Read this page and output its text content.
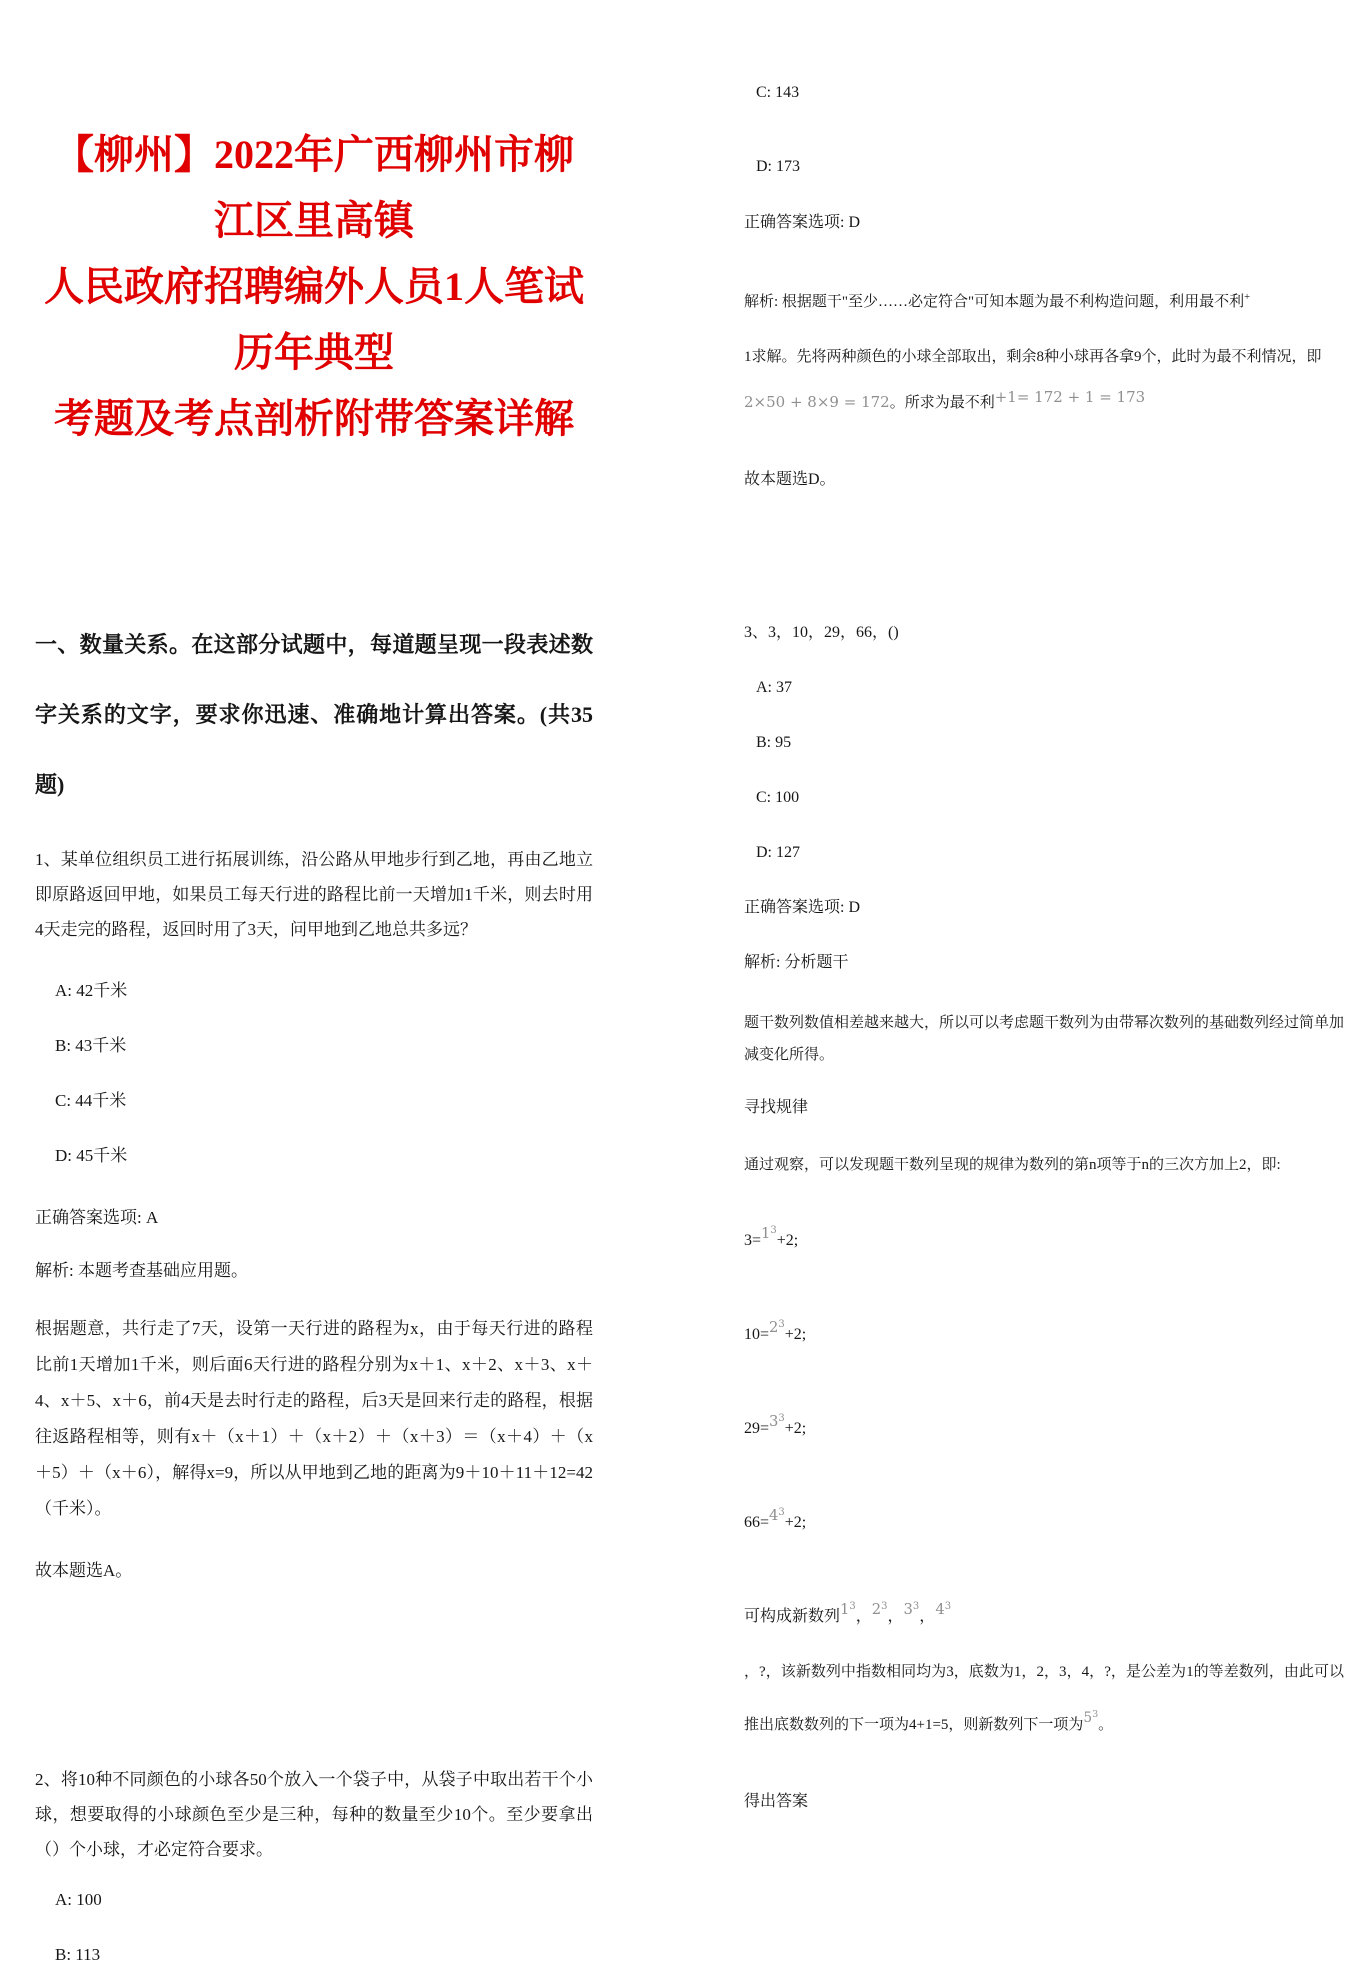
【柳州】2022年广西柳州市柳江区里高镇

人民政府招聘编外人员1人笔试历年典型

考题及考点剖析附带答案详解

一、数量关系。在这部分试题中，每道题呈现一段表述数字关系的文字，要求你迅速、准确地计算出答案。(共35题)

1、某单位组织员工进行拓展训练，沿公路从甲地步行到乙地，再由乙地立即原路返回甲地，如果员工每天行进的路程比前一天增加1千米，则去时用4天走完的路程，返回时用了3天，问甲地到乙地总共多远？

A: 42千米

B: 43千米

C: 44千米

D: 45千米

正确答案选项: A

解析: 本题考查基础应用题。

根据题意，共行走了7天，设第一天行进的路程为x，由于每天行进的路程比前1天增加1千米，则后面6天行进的路程分别为x＋1、x＋2、x＋3、x＋4、x＋5、x＋6，前4天是去时行走的路程，后3天是回来行走的路程，根据往返路程相等，则有x＋（x＋1）＋（x＋2）＋（x＋3）＝（x＋4）＋（x＋5）＋（x＋6），解得x=9，所以从甲地到乙地的距离为9＋10＋11＋12=42（千米）。

故本题选A。

2、将10种不同颜色的小球各50个放入一个袋子中，从袋子中取出若干个小球，想要取得的小球颜色至少是三种，每种的数量至少10个。至少要拿出（）个小球，才必定符合要求。

A: 100

B: 113

C: 143

D: 173

正确答案选项: D

解析: 根据题干"至少……必定符合"可知本题为最不利构造问题，利用最不利+

1求解。先将两种颜色的小球全部取出，剩余8种小球再各拿9个，此时为最不利情况，即

2×50 + 8×9 = 172。所求为最不利+1= 172 + 1 = 173

故本题选D。

3、3，10，29，66，()

A: 37

B: 95

C: 100

D: 127

正确答案选项: D

解析: 分析题干

题干数列数值相差越来越大，所以可以考虑题干数列为由带幂次数列的基础数列经过简单加减变化所得。

寻找规律

通过观察，可以发现题干数列呈现的规律为数列的第n项等于n的三次方加上2，即:

$3=1^3+2$;

$10=2^3+2$;

$29=3^3+2$;

$66=4^3+2$;

可构成新数列$1^3$，$2^3$，$3^3$，$4^3$

，?，该新数列中指数相同均为3，底数为1，2，3，4，?，是公差为1的等差数列，由此可以推出底数数列的下一项为4+1=5，则新数列下一项为$5^3$。

得出答案
